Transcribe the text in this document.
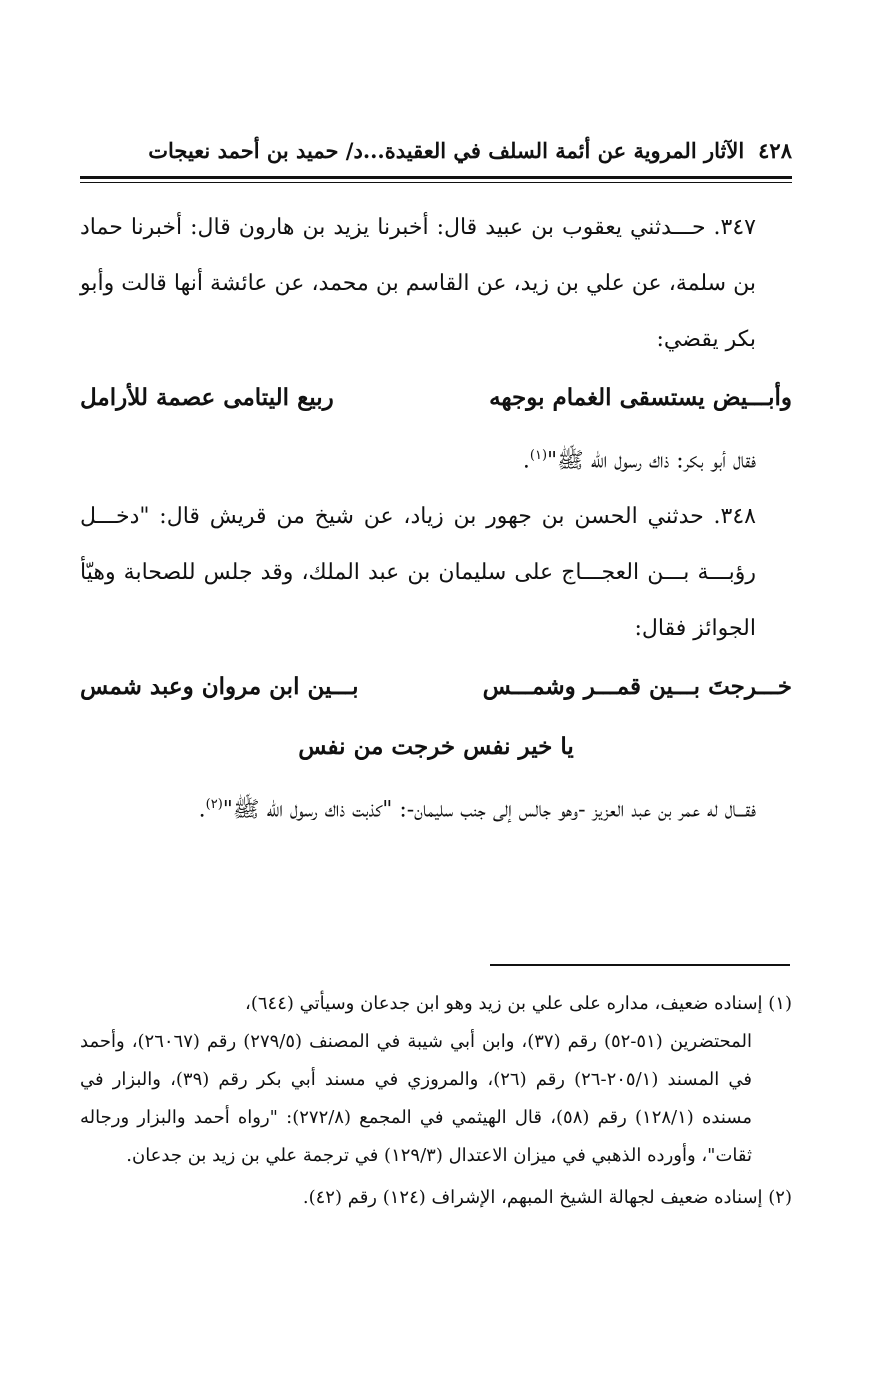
٤٢٨
الآثار المروية عن أئمة السلف في العقيدة...د/ حميد بن أحمد نعيجات

٣٤٧. حـــدثني يعقوب بن عبيد قال: أخبرنا يزيد بن هارون قال: أخبرنا حماد بن سلمة، عن علي بن زيد، عن القاسم بن محمد، عن عائشة أنها قالت وأبو بكر يقضي:

وأبـــيض يستسقى الغمام بوجهه
ربيع اليتامى عصمة للأرامل

فقال أبو بكر: ذاك رسول الله ﷺ"$^{(١)}$.

٣٤٨. حدثني الحسن بن جهور بن زياد، عن شيخ من قريش قال: "دخـــل رؤبـــة بـــن العجـــاج على سليمان بن عبد الملك، وقد جلس للصحابة وهيّأ الجوائز فقال:

خـــرجتَ بـــين قمـــر وشمـــس
بـــين ابن مروان وعبد شمس
يا خير نفس خرجت من نفس

فقـــال له عمر بن عبد العزيز -وهو جالس إلى جنب سليمان-: "كذبت ذاك رسول الله ﷺ"$^{(٢)}$.

(١) إسناده ضعيف، مداره على علي بن زيد وهو ابن جدعان وسيأتي (٦٤٤)،
المحتضرين (٥١-٥٢) رقم (٣٧)، وابن أبي شيبة في المصنف (٢٧٩/٥) رقم (٢٦٠٦٧)، وأحمد في المسند (٢٠٥/١-٢٦) رقم (٢٦)، والمروزي في مسند أبي بكر رقم (٣٩)، والبزار في مسنده (١٢٨/١) رقم (٥٨)، قال الهيثمي في المجمع (٢٧٢/٨): "رواه أحمد والبزار ورجاله ثقات"، وأورده الذهبي في ميزان الاعتدال (١٢٩/٣) في ترجمة علي بن زيد بن جدعان.

(٢) إسناده ضعيف لجهالة الشيخ المبهم، الإشراف (١٢٤) رقم (٤٢).
